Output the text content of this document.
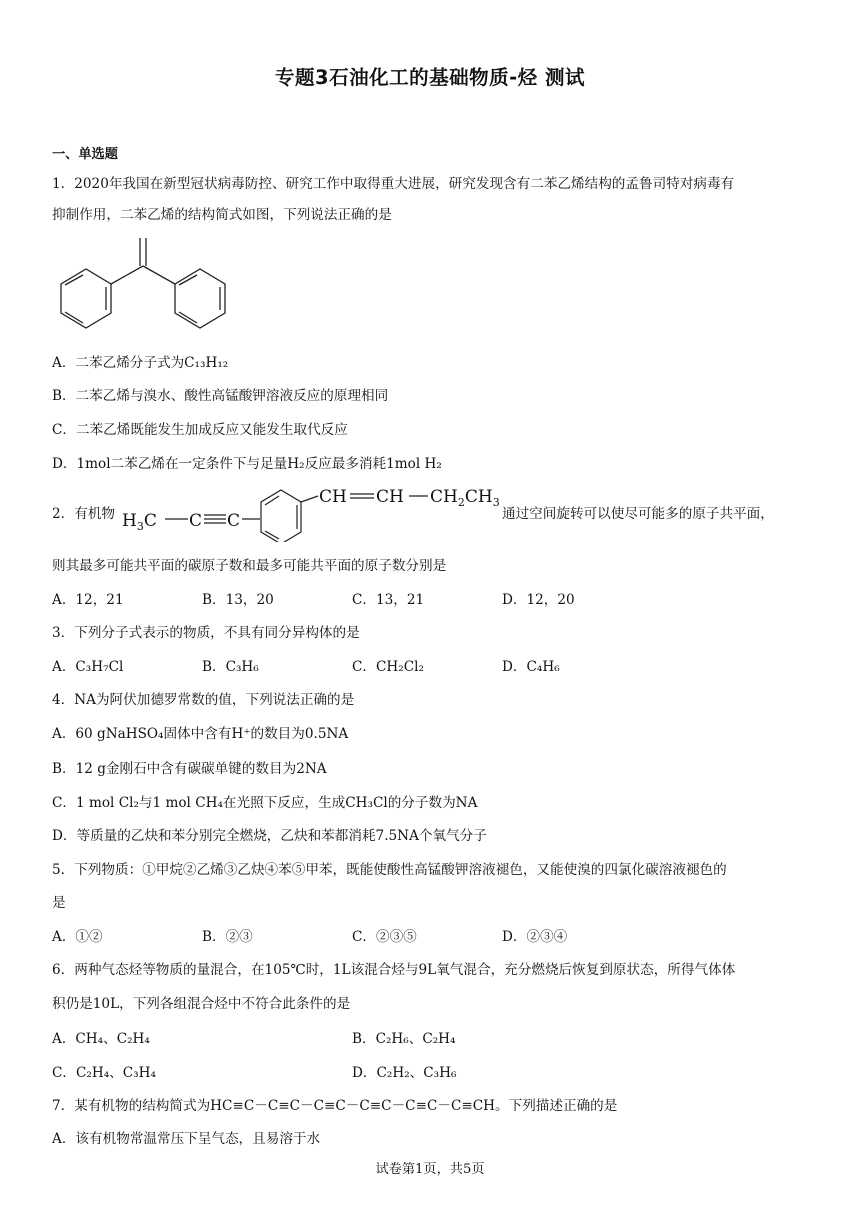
专题3石油化工的基础物质-烃 测试
一、单选题
1．2020年我国在新型冠状病毒防控、研究工作中取得重大进展，研究发现含有二苯乙烯结构的孟鲁司特对病毒有
抑制作用，二苯乙烯的结构简式如图，下列说法正确的是
A．二苯乙烯分子式为C₁₃H₁₂
B．二苯乙烯与溴水、酸性高锰酸钾溶液反应的原理相同
C．二苯乙烯既能发生加成反应又能发生取代反应
D．1mol二苯乙烯在一定条件下与足量H₂反应最多消耗1mol H₂
2．有机物 $H_3C$ C C
CH CH $CH_2CH_3$
通过空间旋转可以使尽可能多的原子共平面，
则其最多可能共平面的碳原子数和最多可能共平面的原子数分别是
A．12，21	B．13，20	C．13，21	D．12，20
3．下列分子式表示的物质，不具有同分异构体的是
A．C₃H₇Cl	B．C₃H₆	C．CH₂Cl₂	D．C₄H₆
4．NA为阿伏加德罗常数的值，下列说法正确的是
A．60 gNaHSO₄固体中含有H⁺的数目为0.5NA
B．12 g金刚石中含有碳碳单键的数目为2NA
C．1 mol Cl₂与1 mol CH₄在光照下反应，生成CH₃Cl的分子数为NA
D．等质量的乙炔和苯分别完全燃烧，乙炔和苯都消耗7.5NA个氧气分子
5．下列物质：①甲烷②乙烯③乙炔④苯⑤甲苯，既能使酸性高锰酸钾溶液褪色，又能使溴的四氯化碳溶液褪色的
是
A．①②	B．②③	C．②③⑤	D．②③④
6．两种气态烃等物质的量混合，在105℃时，1L该混合烃与9L氧气混合，充分燃烧后恢复到原状态，所得气体体
积仍是10L，下列各组混合烃中不符合此条件的是
A．CH₄、C₂H₄	B．C₂H₆、C₂H₄
C．C₂H₄、C₃H₄	D．C₂H₂、C₃H₆
7．某有机物的结构简式为HC≡C－C≡C－C≡C－C≡C－C≡C－C≡CH。下列描述正确的是
A．该有机物常温常压下呈气态，且易溶于水
试卷第1页，共5页
